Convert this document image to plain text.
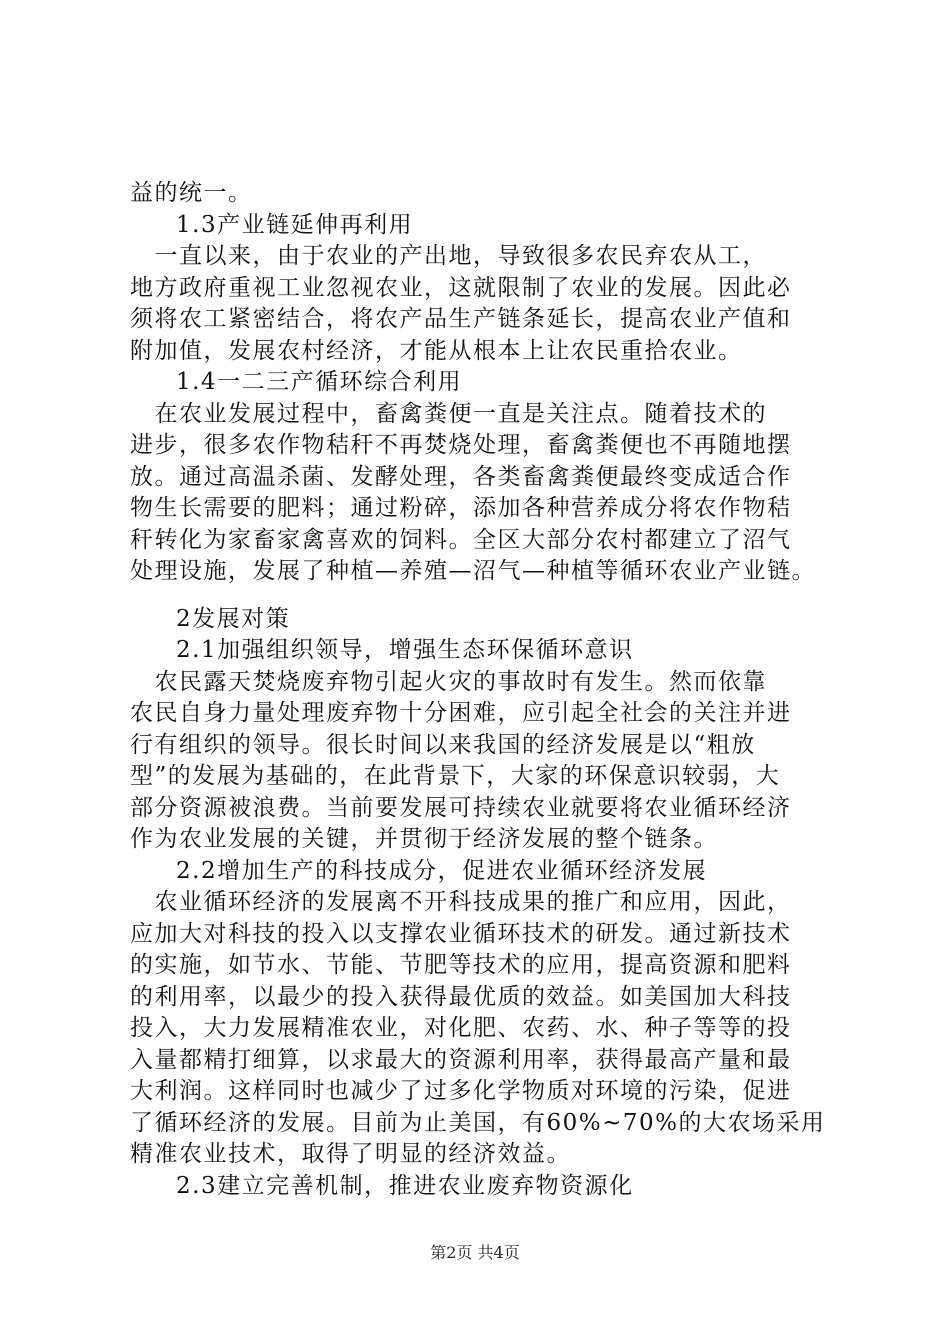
益的统一。
1.3产业链延伸再利用
　一直以来，由于农业的产出地，导致很多农民弃农从工，
地方政府重视工业忽视农业，这就限制了农业的发展。因此必
须将农工紧密结合，将农产品生产链条延长，提高农业产值和
附加值，发展农村经济，才能从根本上让农民重拾农业。
1.4一二三产循环综合利用
　在农业发展过程中，畜禽粪便一直是关注点。随着技术的
进步，很多农作物秸秆不再焚烧处理，畜禽粪便也不再随地摆
放。通过高温杀菌、发酵处理，各类畜禽粪便最终变成适合作
物生长需要的肥料；通过粉碎，添加各种营养成分将农作物秸
秆转化为家畜家禽喜欢的饲料。全区大部分农村都建立了沼气
处理设施，发展了种植—养殖—沼气—种植等循环农业产业链。
2发展对策
2.1加强组织领导，增强生态环保循环意识
　农民露天焚烧废弃物引起火灾的事故时有发生。然而依靠
农民自身力量处理废弃物十分困难，应引起全社会的关注并进
行有组织的领导。很长时间以来我国的经济发展是以“粗放
型”的发展为基础的，在此背景下，大家的环保意识较弱，大
部分资源被浪费。当前要发展可持续农业就要将农业循环经济
作为农业发展的关键，并贯彻于经济发展的整个链条。
2.2增加生产的科技成分，促进农业循环经济发展
　农业循环经济的发展离不开科技成果的推广和应用，因此，
应加大对科技的投入以支撑农业循环技术的研发。通过新技术
的实施，如节水、节能、节肥等技术的应用，提高资源和肥料
的利用率，以最少的投入获得最优质的效益。如美国加大科技
投入，大力发展精准农业，对化肥、农药、水、种子等等的投
入量都精打细算，以求最大的资源利用率，获得最高产量和最
大利润。这样同时也减少了过多化学物质对环境的污染，促进
了循环经济的发展。目前为止美国，有60%~70%的大农场采用
精准农业技术，取得了明显的经济效益。
2.3建立完善机制，推进农业废弃物资源化
第2页 共4页
